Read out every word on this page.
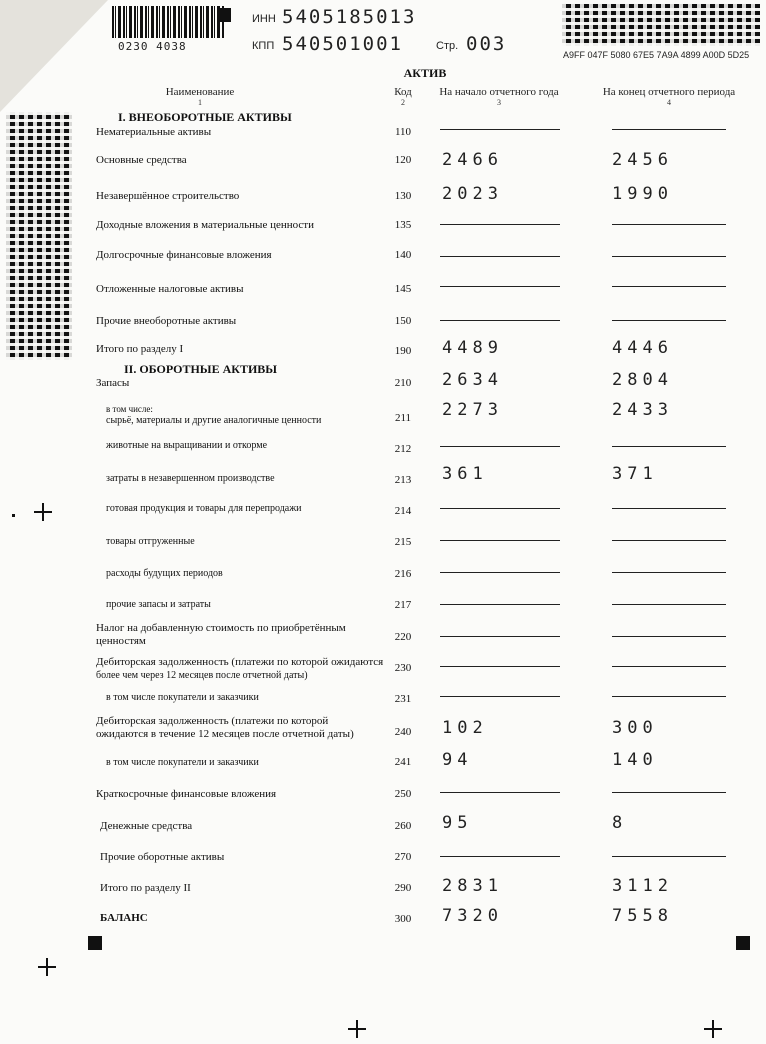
0230 4038
ИНН 5405185013
КПП 540501001	Стр. 003	A9FF 047F 5080 67E5 7A9A 4899 A00D 5D25
АКТИВ
Наименование
1
Код
2
На начало отчетного года
3
На конец отчетного периода
4
I. ВНЕОБОРОТНЫЕ АКТИВЫ
II. ОБОРОТНЫЕ АКТИВЫ
Нематериальные активы	110
Основные средства	120	2466	2456
Незавершённое строительство	130	2023	1990
Доходные вложения в материальные ценности	135
Долгосрочные финансовые вложения	140
Отложенные налоговые активы	145
Прочие внеоборотные активы	150
Итого по разделу I	190	4489	4446
Запасы	210	2634	2804
в том числе:
сырьё, материалы и другие аналогичные ценности	211	2273	2433
животные на выращивании и откорме	212
затраты в незавершенном производстве	213	361	371
готовая продукция и товары для перепродажи	214
товары отгруженные	215
расходы будущих периодов	216
прочие запасы и затраты	217
Налог на добавленную стоимость по приобретённым
ценностям	220
Дебиторская задолженность (платежи по которой ожидаются
более чем через 12 месяцев после отчетной даты)
230
в том числе покупатели и заказчики	231
Дебиторская задолженность (платежи по которой
ожидаются в течение 12 месяцев после отчетной даты)	240	102	300
в том числе покупатели и заказчики	241	94	140
Краткосрочные финансовые вложения	250
Денежные средства	260	95	8
Прочие оборотные активы	270
Итого по разделу II	290	2831	3112
БАЛАНС	300	7320	7558
